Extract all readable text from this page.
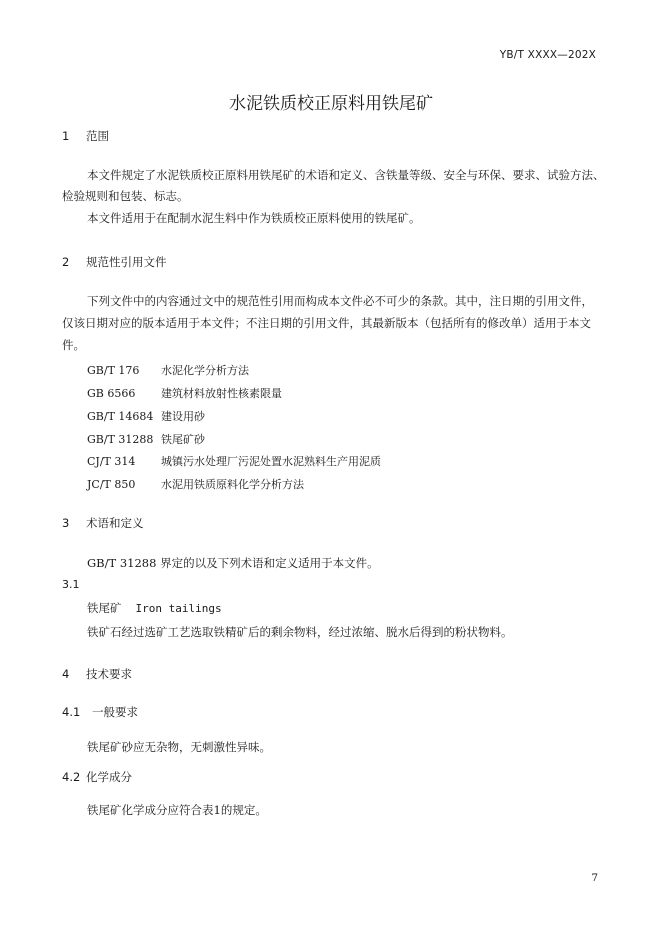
YB/T XXXX—202X
水泥铁质校正原料用铁尾矿
1 范围
本文件规定了水泥铁质校正原料用铁尾矿的术语和定义、含铁量等级、安全与环保、要求、试验方法、
检验规则和包装、标志。
本文件适用于在配制水泥生料中作为铁质校正原料使用的铁尾矿。
2 规范性引用文件
下列文件中的内容通过文中的规范性引用而构成本文件必不可少的条款。其中，注日期的引用文件，
仅该日期对应的版本适用于本文件；不注日期的引用文件，其最新版本（包括所有的修改单）适用于本文
件。
GB/T 176 水泥化学分析方法
GB 6566 建筑材料放射性核素限量
GB/T 14684 建设用砂
GB/T 31288 铁尾矿砂
CJ/T 314 城镇污水处理厂污泥处置水泥熟料生产用泥质
JC/T 850 水泥用铁质原料化学分析方法
3 术语和定义
GB/T 31288 界定的以及下列术语和定义适用于本文件。
3.1
铁尾矿 Iron tailings
铁矿石经过选矿工艺选取铁精矿后的剩余物料，经过浓缩、脱水后得到的粉状物料。
4 技术要求
4.1 一般要求
铁尾矿砂应无杂物，无刺激性异味。
4.2 化学成分
铁尾矿化学成分应符合表1的规定。
7
